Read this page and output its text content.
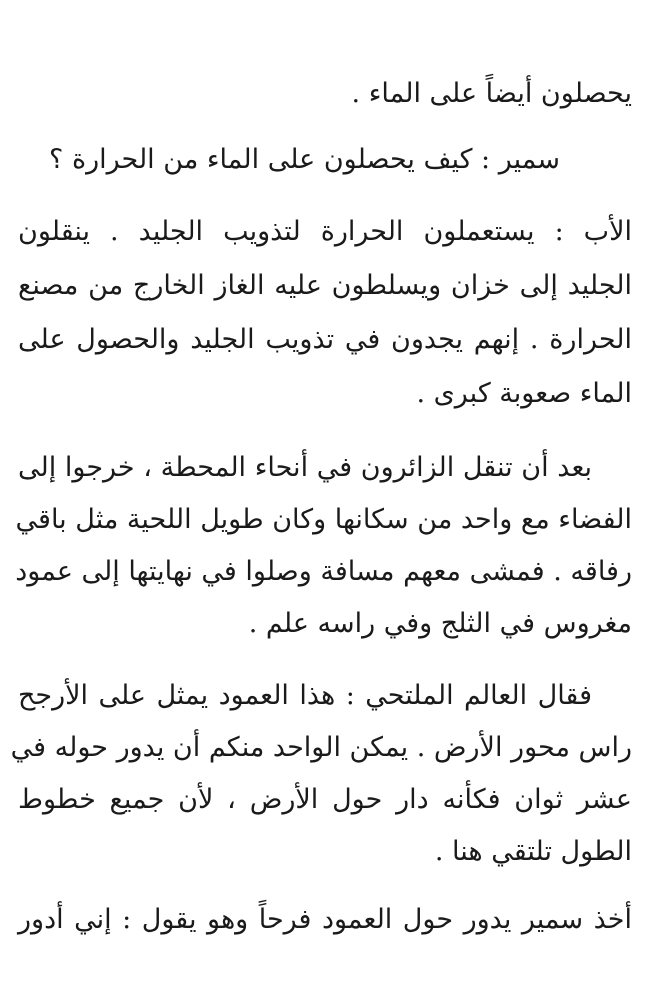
يحصلون أيضاً على الماء .
سمير : كيف يحصلون على الماء من الحرارة ؟
الأب : يستعملون الحرارة لتذويب الجليد . ينقلون
الجليد إلى خزان ويسلطون عليه الغاز الخارج من مصنع
الحرارة . إنهم يجدون في تذويب الجليد والحصول على
الماء صعوبة كبرى .
بعد أن تنقل الزائرون في أنحاء المحطة ، خرجوا إلى
الفضاء مع واحد من سكانها وكان طويل اللحية مثل باقي
رفاقه . فمشى معهم مسافة وصلوا في نهايتها إلى عمود
مغروس في الثلج وفي راسه علم .
فقال العالم الملتحي : هذا العمود يمثل على الأرجح
راس محور الأرض . يمكن الواحد منكم أن يدور حوله في
عشر ثوان فكأنه دار حول الأرض ، لأن جميع خطوط
الطول تلتقي هنا .
أخذ سمير يدور حول العمود فرحاً وهو يقول : إني أدور
